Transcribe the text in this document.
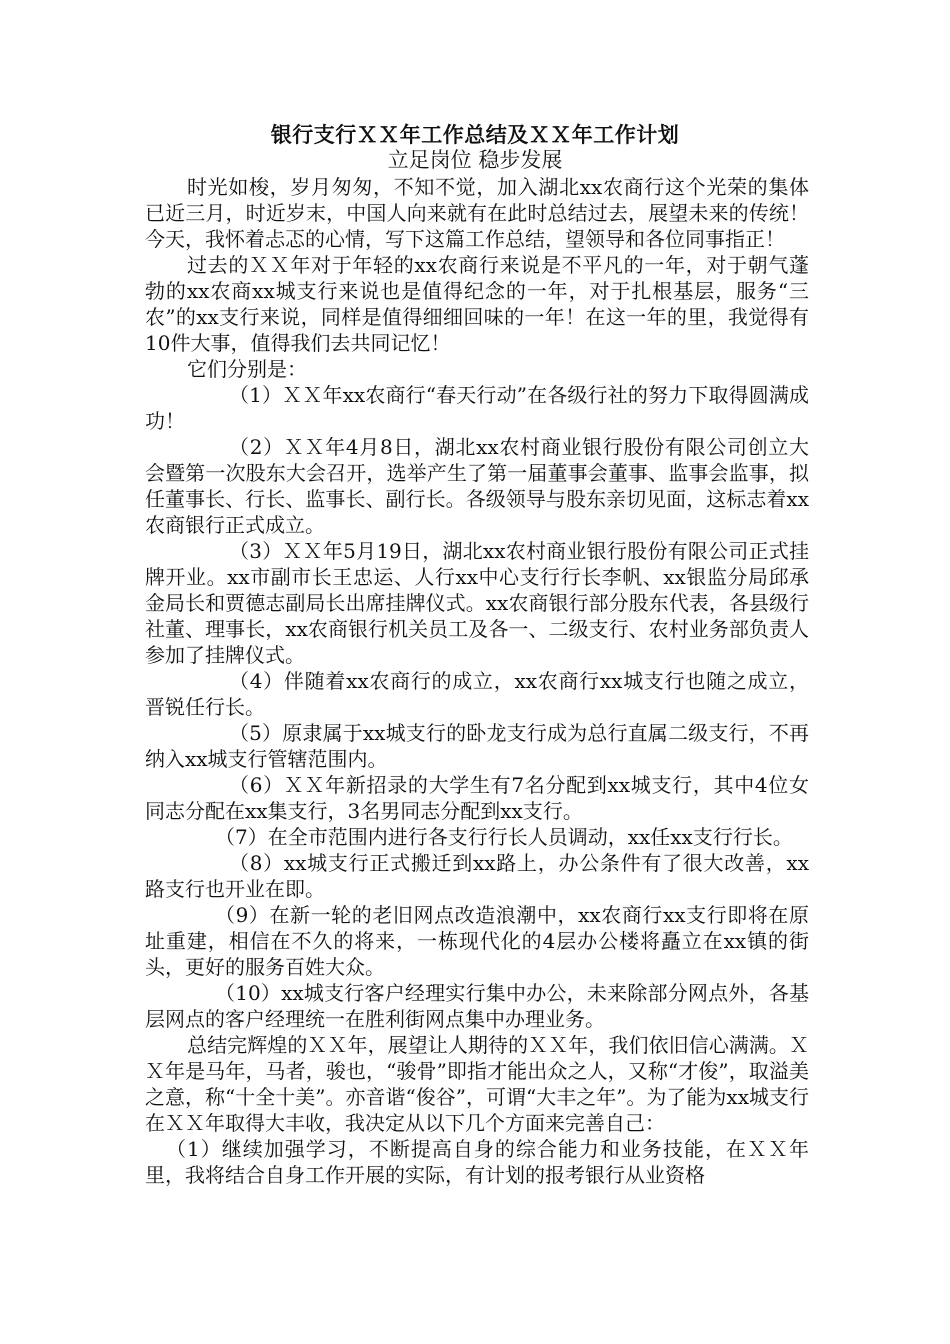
银行支行ＸＸ年工作总结及ＸＸ年工作计划
立足岗位 稳步发展

时光如梭，岁月匆匆，不知不觉，加入湖北xx农商行这个光荣的集体已近三月，时近岁末，中国人向来就有在此时总结过去，展望未来的传统！今天，我怀着忐忑的心情，写下这篇工作总结，望领导和各位同事指正！

过去的ＸＸ年对于年轻的xx农商行来说是不平凡的一年，对于朝气蓬勃的xx农商xx城支行来说也是值得纪念的一年，对于扎根基层，服务“三农”的xx支行来说，同样是值得细细回味的一年！在这一年的里，我觉得有10件大事，值得我们去共同记忆！

它们分别是：

（1）ＸＸ年xx农商行“春天行动”在各级行社的努力下取得圆满成功！

（2）ＸＸ年4月8日，湖北xx农村商业银行股份有限公司创立大会暨第一次股东大会召开，选举产生了第一届董事会董事、监事会监事，拟任董事长、行长、监事长、副行长。各级领导与股东亲切见面，这标志着xx农商银行正式成立。

（3）ＸＸ年5月19日，湖北xx农村商业银行股份有限公司正式挂牌开业。xx市副市长王忠运、人行xx中心支行行长李帆、xx银监分局邱承金局长和贾德志副局长出席挂牌仪式。xx农商银行部分股东代表，各县级行社董、理事长，xx农商银行机关员工及各一、二级支行、农村业务部负责人参加了挂牌仪式。

（4）伴随着xx农商行的成立，xx农商行xx城支行也随之成立，晋锐任行长。

（5）原隶属于xx城支行的卧龙支行成为总行直属二级支行，不再纳入xx城支行管辖范围内。

（6）ＸＸ年新招录的大学生有7名分配到xx城支行，其中4位女同志分配在xx集支行，3名男同志分配到xx支行。

（7）在全市范围内进行各支行行长人员调动，xx任xx支行行长。

（8）xx城支行正式搬迁到xx路上，办公条件有了很大改善，xx路支行也开业在即。

（9）在新一轮的老旧网点改造浪潮中，xx农商行xx支行即将在原址重建，相信在不久的将来，一栋现代化的4层办公楼将矗立在xx镇的街头，更好的服务百姓大众。

（10）xx城支行客户经理实行集中办公，未来除部分网点外，各基层网点的客户经理统一在胜利街网点集中办理业务。

总结完辉煌的ＸＸ年，展望让人期待的ＸＸ年，我们依旧信心满满。ＸＸ年是马年，马者，骏也，“骏骨”即指才能出众之人，又称“才俊”，取溢美之意，称“十全十美”。亦音谐“俊谷”，可谓“大丰之年”。为了能为xx城支行在ＸＸ年取得大丰收，我决定从以下几个方面来完善自己：

（1）继续加强学习，不断提高自身的综合能力和业务技能，在ＸＸ年里，我将结合自身工作开展的实际，有计划的报考银行从业资格
